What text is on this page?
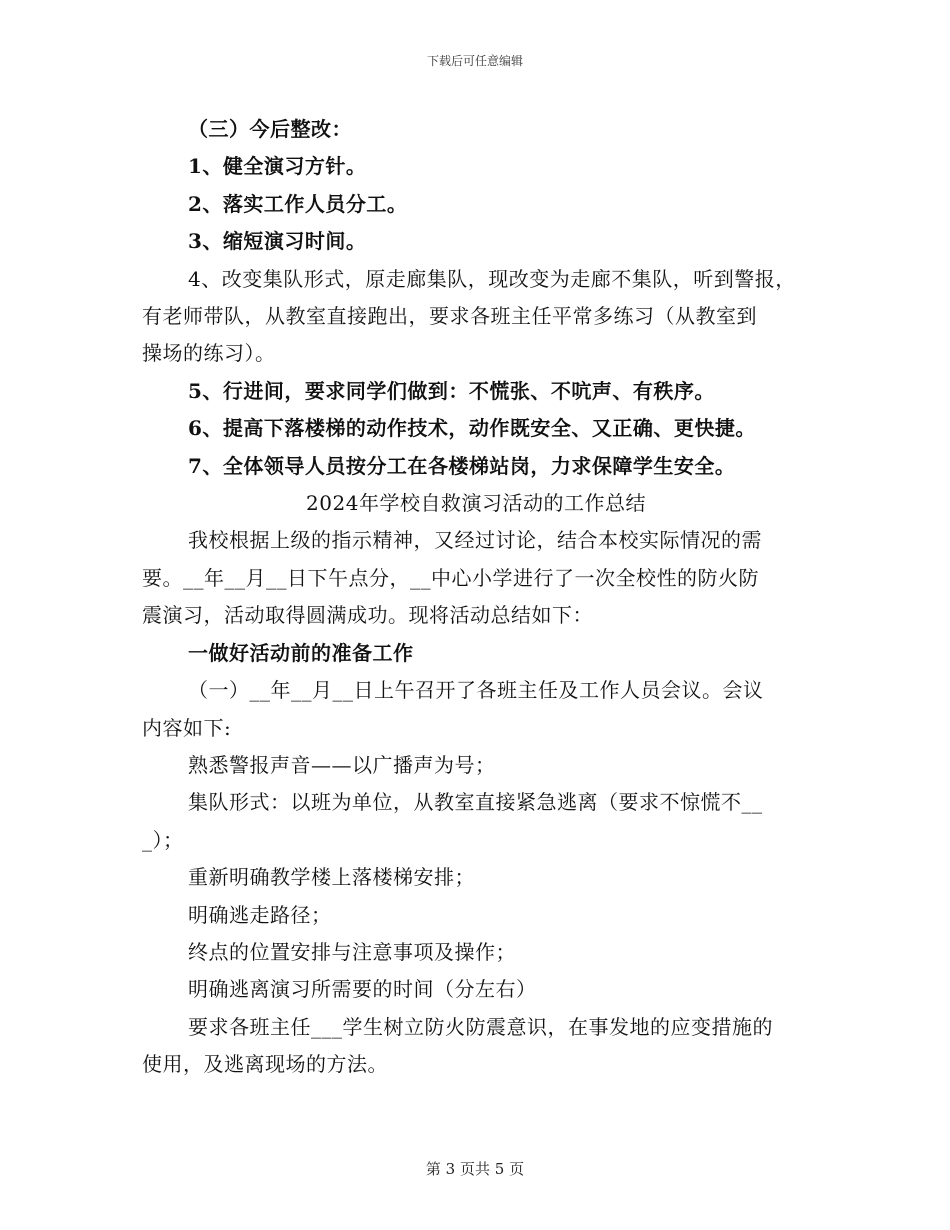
下载后可任意编辑
（三）今后整改：
1、健全演习方针。
2、落实工作人员分工。
3、缩短演习时间。
4、改变集队形式，原走廊集队，现改变为走廊不集队，听到警报，
有老师带队，从教室直接跑出，要求各班主任平常多练习（从教室到
操场的练习）。
5、行进间，要求同学们做到：不慌张、不吭声、有秩序。
6、提高下落楼梯的动作技术，动作既安全、又正确、更快捷。
7、全体领导人员按分工在各楼梯站岗，力求保障学生安全。
2024年学校自救演习活动的工作总结
我校根据上级的指示精神，又经过讨论，结合本校实际情况的需
要。__年__月__日下午点分，__中心小学进行了一次全校性的防火防
震演习，活动取得圆满成功。现将活动总结如下：
一做好活动前的准备工作
（一）__年__月__日上午召开了各班主任及工作人员会议。会议
内容如下:
熟悉警报声音——以广播声为号；
集队形式：以班为单位，从教室直接紧急逃离（要求不惊慌不__
_）；
重新明确教学楼上落楼梯安排；
明确逃走路径；
终点的位置安排与注意事项及操作；
明确逃离演习所需要的时间（分左右）
要求各班主任___学生树立防火防震意识，在事发地的应变措施的
使用，及逃离现场的方法。
第 3 页共 5 页
